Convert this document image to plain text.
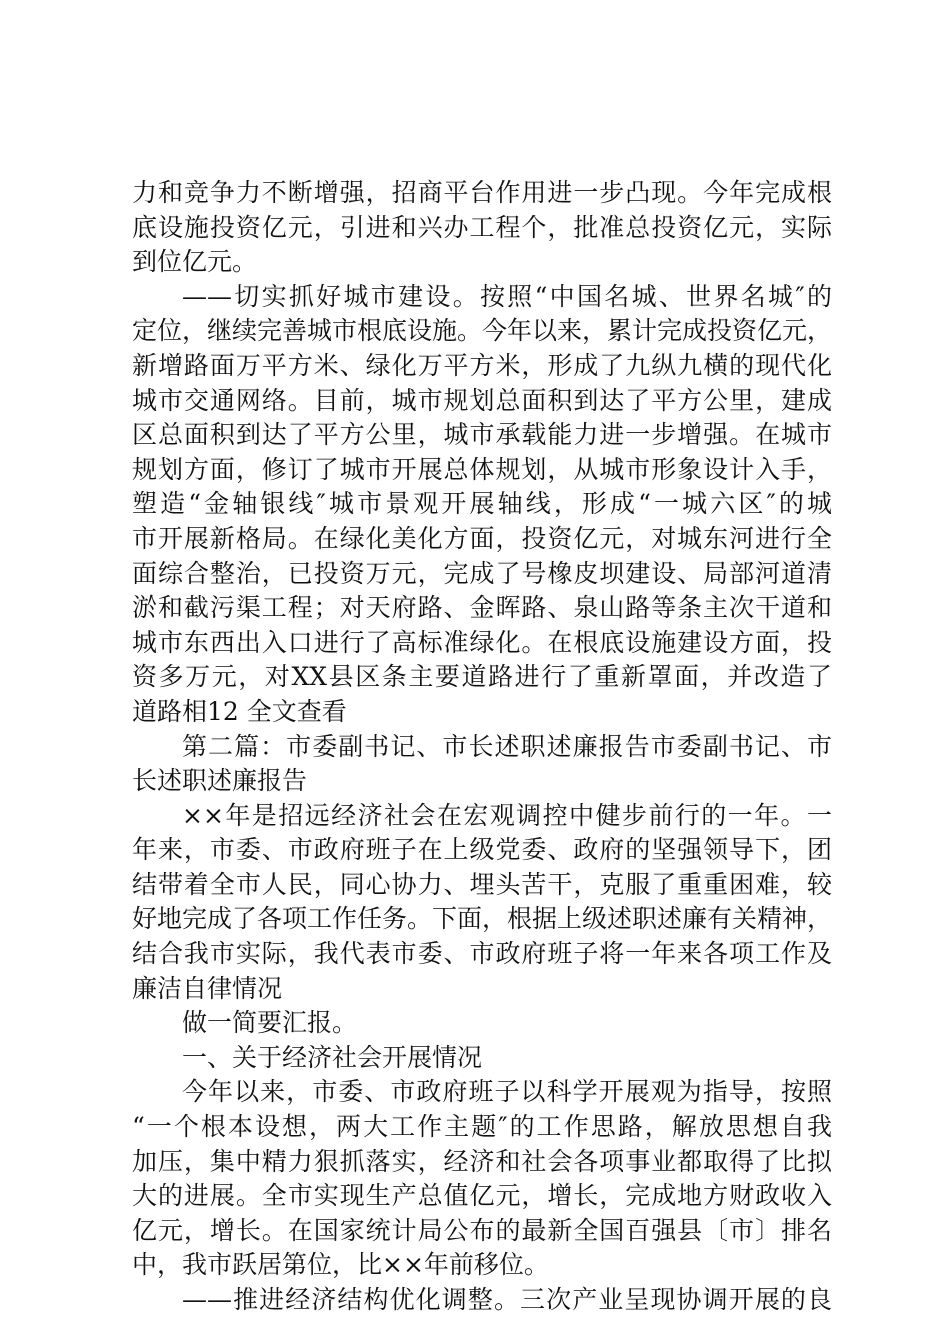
力和竞争力不断增强，招商平台作用进一步凸现。今年完成根
底设施投资亿元，引进和兴办工程个，批准总投资亿元，实际
到位亿元。
——切实抓好城市建设。按照“中国名城、世界名城″的
定位，继续完善城市根底设施。今年以来，累计完成投资亿元，
新增路面万平方米、绿化万平方米，形成了九纵九横的现代化
城市交通网络。目前，城市规划总面积到达了平方公里，建成
区总面积到达了平方公里，城市承载能力进一步增强。在城市
规划方面，修订了城市开展总体规划，从城市形象设计入手，
塑造“金轴银线″城市景观开展轴线，形成“一城六区″的城
市开展新格局。在绿化美化方面，投资亿元，对城东河进行全
面综合整治，已投资万元，完成了号橡皮坝建设、局部河道清
淤和截污渠工程；对天府路、金晖路、泉山路等条主次干道和
城市东西出入口进行了高标准绿化。在根底设施建设方面，投
资多万元，对XX县区条主要道路进行了重新罩面，并改造了
道路相12 全文查看
第二篇：市委副书记、市长述职述廉报告市委副书记、市
长述职述廉报告
××年是招远经济社会在宏观调控中健步前行的一年。一
年来，市委、市政府班子在上级党委、政府的坚强领导下，团
结带着全市人民，同心协力、埋头苦干，克服了重重困难，较
好地完成了各项工作任务。下面，根据上级述职述廉有关精神，
结合我市实际，我代表市委、市政府班子将一年来各项工作及
廉洁自律情况
做一简要汇报。
一、关于经济社会开展情况
今年以来，市委、市政府班子以科学开展观为指导，按照
“一个根本设想，两大工作主题″的工作思路，解放思想自我
加压，集中精力狠抓落实，经济和社会各项事业都取得了比拟
大的进展。全市实现生产总值亿元，增长，完成地方财政收入
亿元，增长。在国家统计局公布的最新全国百强县〔市〕排名
中，我市跃居第位，比××年前移位。
——推进经济结构优化调整。三次产业呈现协调开展的良
